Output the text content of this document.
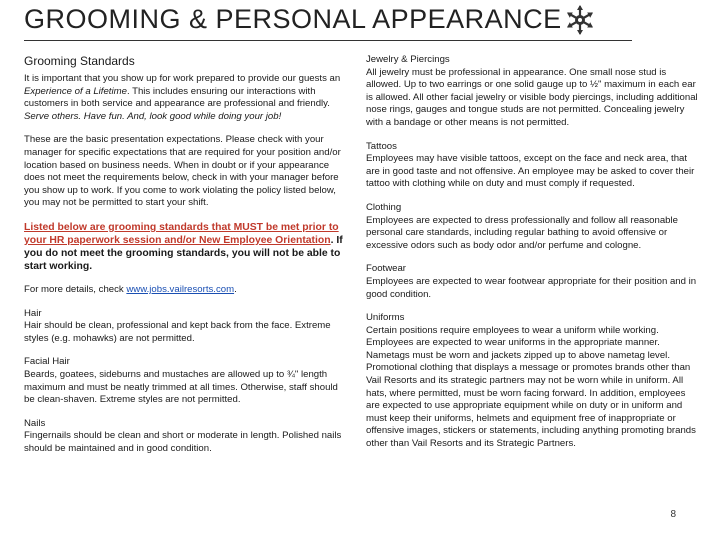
GROOMING & PERSONAL APPEARANCE
Grooming Standards

It is important that you show up for work prepared to provide our guests an Experience of a Lifetime. This includes ensuring our interactions with customers in both service and appearance are professional and friendly. Serve others. Have fun. And, look good while doing your job!

These are the basic presentation expectations. Please check with your manager for specific expectations that are required for your position and/or location based on business needs. When in doubt or if your appearance does not meet the requirements below, check in with your manager before you show up to work. If you come to work violating the policy listed below, you may not be permitted to start your shift.

Listed below are grooming standards that MUST be met prior to your HR paperwork session and/or New Employee Orientation. If you do not meet the grooming standards, you will not be able to start working.

For more details, check www.jobs.vailresorts.com.

Hair

Hair should be clean, professional and kept back from the face. Extreme styles (e.g. mohawks) are not permitted.

Facial Hair

Beards, goatees, sideburns and mustaches are allowed up to ¾" length maximum and must be neatly trimmed at all times. Otherwise, staff should be clean-shaven. Extreme styles are not permitted.

Nails

Fingernails should be clean and short or moderate in length. Polished nails should be maintained and in good condition.

Jewelry & Piercings

All jewelry must be professional in appearance. One small nose stud is allowed. Up to two earrings or one solid gauge up to ½" maximum in each ear is allowed. All other facial jewelry or visible body piercings, including additional nose rings, gauges and tongue studs are not permitted. Concealing jewelry with a bandage or other means is not permitted.

Tattoos

Employees may have visible tattoos, except on the face and neck area, that are in good taste and not offensive. An employee may be asked to cover their tattoo with clothing while on duty and must comply if requested.

Clothing

Employees are expected to dress professionally and follow all reasonable personal care standards, including regular bathing to avoid offensive or excessive odors such as body odor and/or perfume and cologne.

Footwear

Employees are expected to wear footwear appropriate for their position and in good condition.

Uniforms

Certain positions require employees to wear a uniform while working. Employees are expected to wear uniforms in the appropriate manner. Nametags must be worn and jackets zipped up to above nametag level. Promotional clothing that displays a message or promotes brands other than Vail Resorts and its strategic partners may not be worn while in uniform. All hats, where permitted, must be worn facing forward. In addition, employees are expected to use appropriate equipment while on duty or in uniform and must keep their uniforms, helmets and equipment free of inappropriate or offensive images, stickers or statements, including anything promoting brands other than Vail Resorts and its Strategic Partners.

8
